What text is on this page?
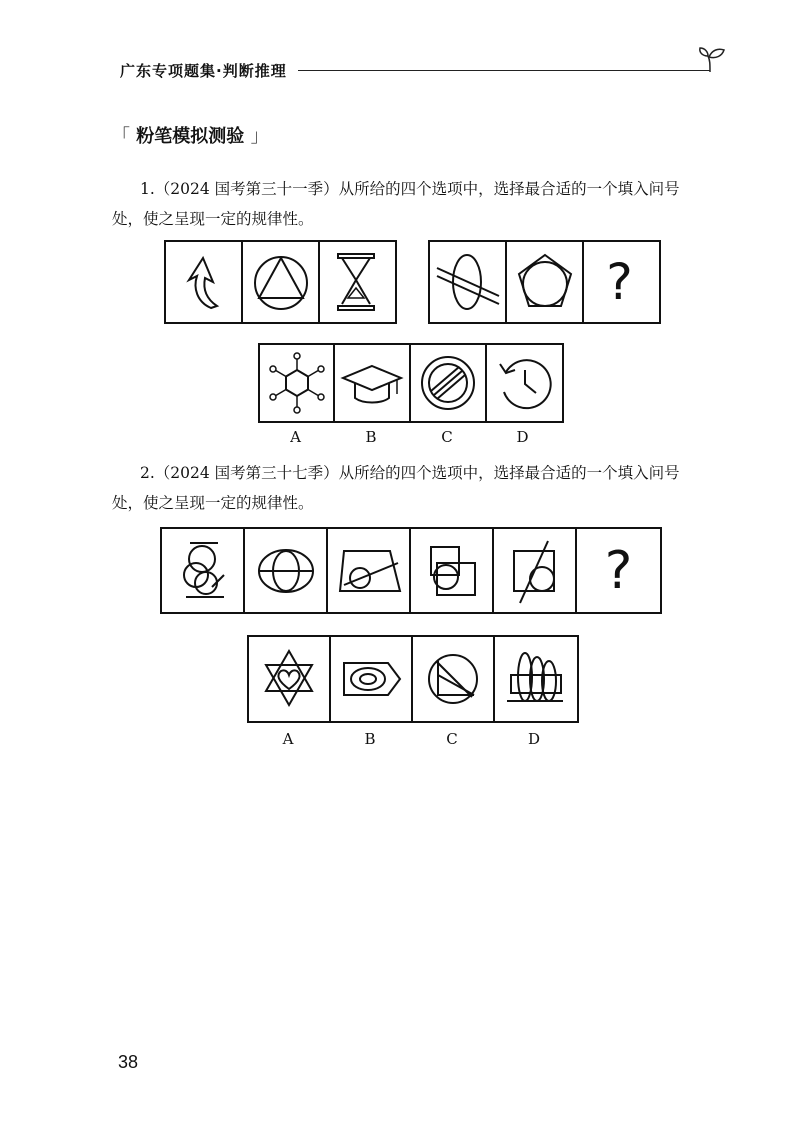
广东专项题集·判断推理
「 粉笔模拟测验 」
1.（2024 国考第三十一季）从所给的四个选项中，选择最合适的一个填入问号
处，使之呈现一定的规律性。
?
A	B	C	D
2.（2024 国考第三十七季）从所给的四个选项中，选择最合适的一个填入问号
处，使之呈现一定的规律性。
?
A	B	C	D
38
